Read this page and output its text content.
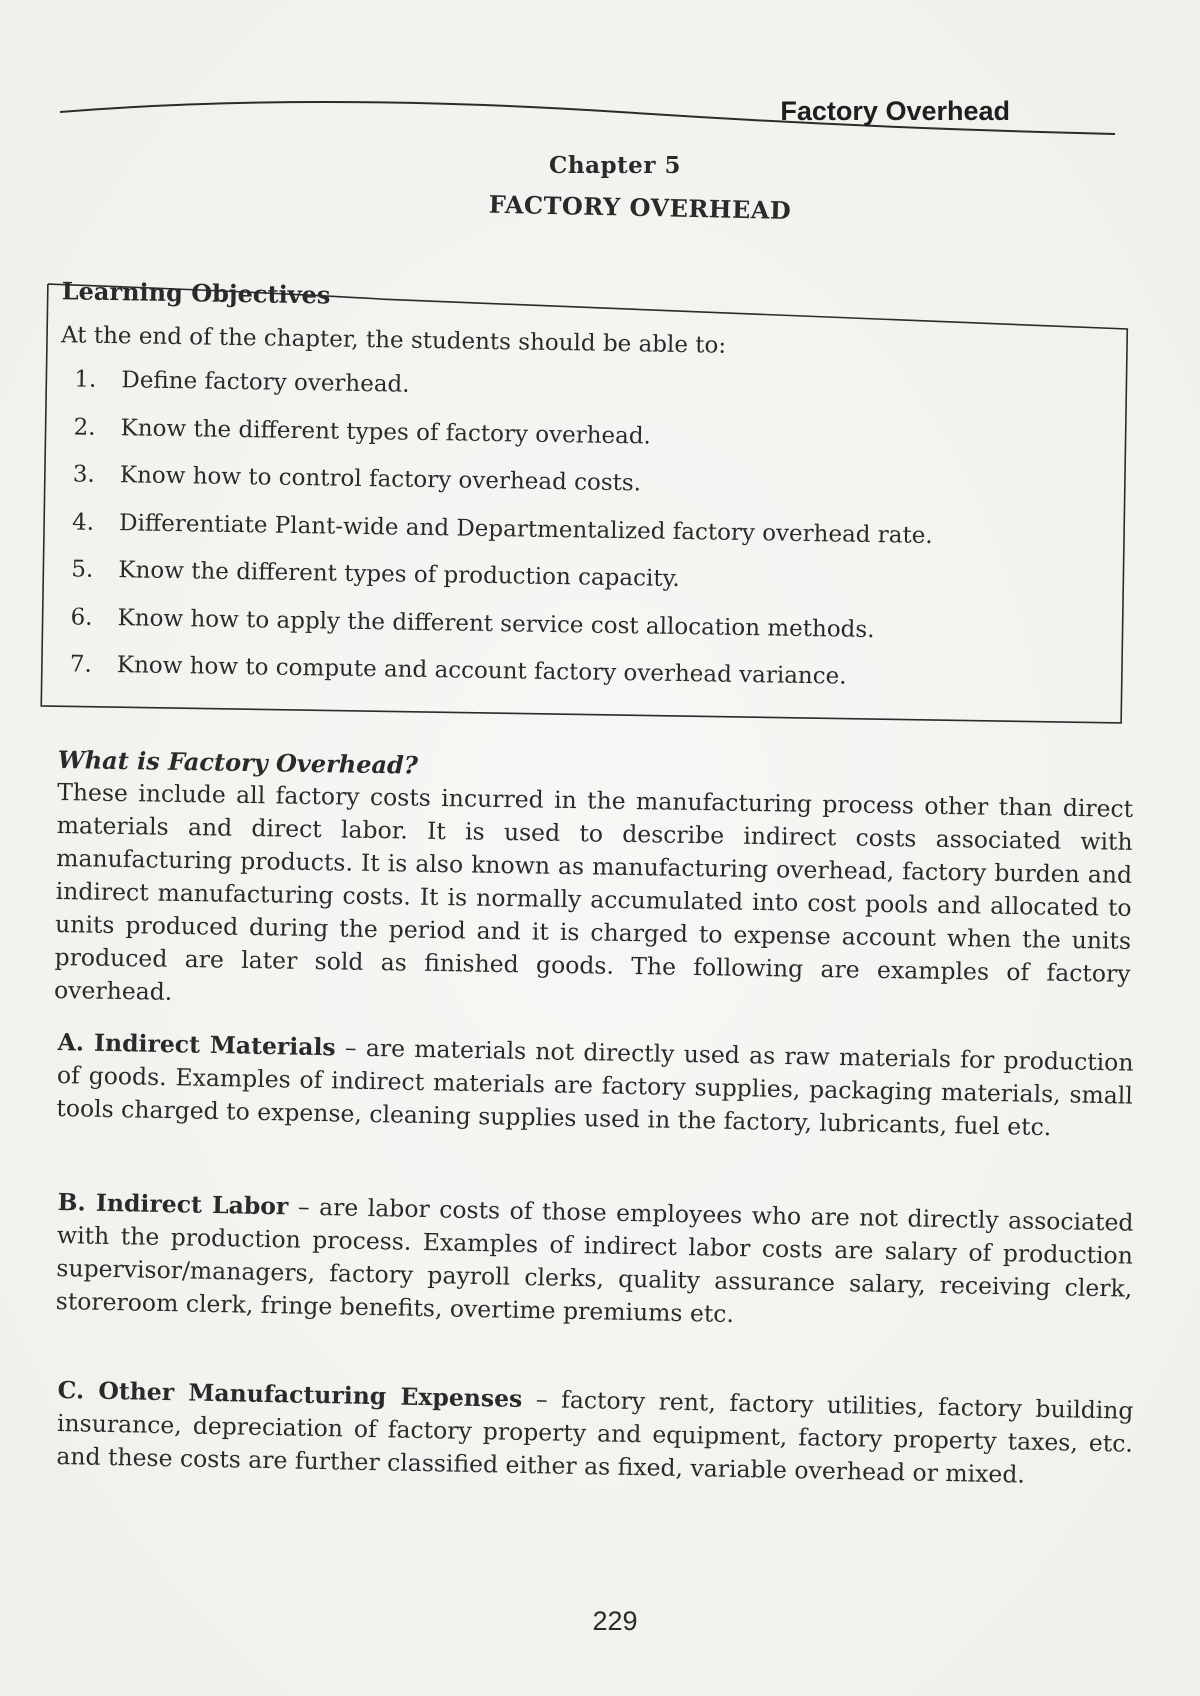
Factory Overhead
Chapter 5
FACTORY OVERHEAD
Learning Objectives
At the end of the chapter, the students should be able to:
1. Define factory overhead.
2. Know the different types of factory overhead.
3. Know how to control factory overhead costs.
4. Differentiate Plant-wide and Departmentalized factory overhead rate.
5. Know the different types of production capacity.
6. Know how to apply the different service cost allocation methods.
7. Know how to compute and account factory overhead variance.
What is Factory Overhead?
These include all factory costs incurred in the manufacturing process other than direct materials and direct labor. It is used to describe indirect costs associated with manufacturing products. It is also known as manufacturing overhead, factory burden and indirect manufacturing costs. It is normally accumulated into cost pools and allocated to units produced during the period and it is charged to expense account when the units produced are later sold as finished goods. The following are examples of factory overhead.
A. Indirect Materials – are materials not directly used as raw materials for production of goods. Examples of indirect materials are factory supplies, packaging materials, small tools charged to expense, cleaning supplies used in the factory, lubricants, fuel etc.
B. Indirect Labor – are labor costs of those employees who are not directly associated with the production process. Examples of indirect labor costs are salary of production supervisor/managers, factory payroll clerks, quality assurance salary, receiving clerk, storeroom clerk, fringe benefits, overtime premiums etc.
C. Other Manufacturing Expenses – factory rent, factory utilities, factory building insurance, depreciation of factory property and equipment, factory property taxes, etc. and these costs are further classified either as fixed, variable overhead or mixed.
229
